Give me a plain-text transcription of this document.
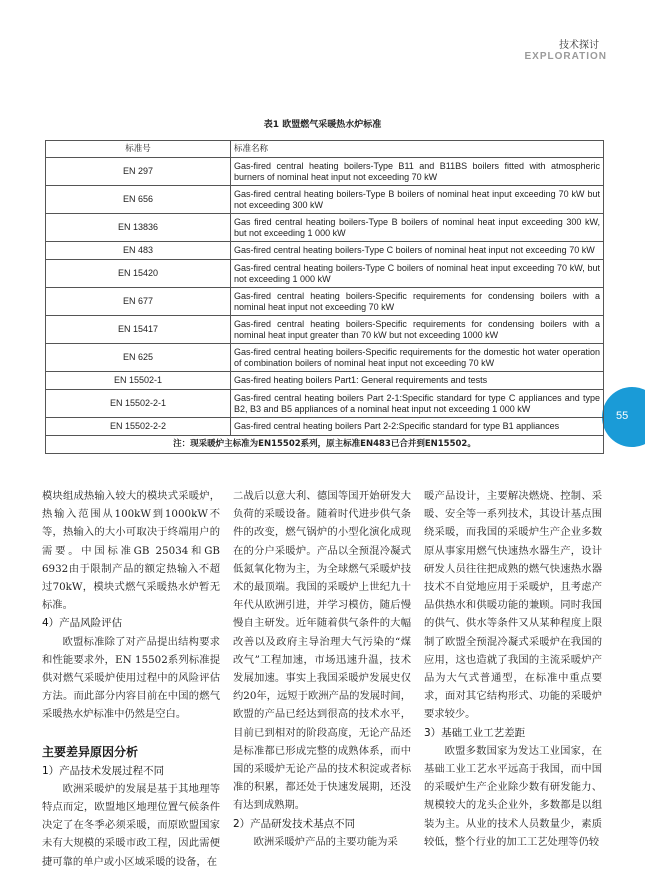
技术探讨
EXPLORATION
55
表1 欧盟燃气采暖热水炉标准
标准号	标准名称
EN 297	Gas-fired central heating boilers-Type B11 and B11BS boilers fitted with atmospheric burners of nominal heat input not exceeding 70 kW
EN 656	Gas-fired central heating boilers-Type B boilers of nominal heat input exceeding 70 kW but not exceeding 300 kW
EN 13836	Gas fired central heating boilers-Type B boilers of nominal heat input exceeding 300 kW, but not exceeding 1 000 kW
EN 483	Gas-fired central heating boilers-Type C boilers of nominal heat input not exceeding 70 kW
EN 15420	Gas-fired central heating boilers-Type C boilers of nominal heat input exceeding 70 kW, but not exceeding 1 000 kW
EN 677	Gas-fired central heating boilers-Specific requirements for condensing boilers with a nominal heat input not exceeding 70 kW
EN 15417	Gas-fired central heating boilers-Specific requirements for condensing boilers with a nominal heat input greater than 70 kW but not exceeding 1000 kW
EN 625	Gas-fired central heating boilers-Specific requirements for the domestic hot water operation of combination boilers of nominal heat input not exceeding 70 kW
EN 15502-1	Gas-fired heating boilers Part1: General requirements and tests
EN 15502-2-1	Gas-fired central heating boilers Part 2-1:Specific standard for type C appliances and type B2, B3 and B5 appliances of a nominal heat input not exceeding 1 000 kW
EN 15502-2-2	Gas-fired central heating boilers Part 2-2:Specific standard for type B1 appliances
注：现采暖炉主标准为EN15502系列，原主标准EN483已合并到EN15502。	

模块组成热输入较大的模块式采暖炉，热输入范围从100kW到1000kW不等，热输入的大小可取决于终端用户的需要。中国标准GB 25034和GB 6932由于限制产品的额定热输入不超过70kW，模块式燃气采暖热水炉暂无标准。

4）产品风险评估

欧盟标准除了对产品提出结构要求和性能要求外，EN 15502系列标准提供对燃气采暖炉使用过程中的风险评估方法。而此部分内容目前在中国的燃气采暖热水炉标准中仍然是空白。

主要差异原因分析

1）产品技术发展过程不同

欧洲采暖炉的发展是基于其地理等特点而定，欧盟地区地理位置气候条件决定了在冬季必须采暖，而原欧盟国家未有大规模的采暖市政工程，因此需便捷可靠的单户或小区域采暖的设备，在

二战后以意大利、德国等国开始研发大负荷的采暖设备。随着时代进步供气条件的改变，燃气锅炉的小型化演化成现在的分户采暖炉。产品以全预混冷凝式低氮氧化物为主，为全球燃气采暖炉技术的最顶端。我国的采暖炉上世纪九十年代从欧洲引进，并学习模仿，随后慢慢自主研发。近年随着供气条件的大幅改善以及政府主导治理大气污染的“煤改气”工程加速，市场迅速升温，技术发展加速。事实上我国采暖炉发展史仅约20年，远短于欧洲产品的发展时间，欧盟的产品已经达到很高的技术水平，目前已到相对的阶段高度，无论产品还是标准都已形成完整的成熟体系，而中国的采暖炉无论产品的技术积淀或者标准的积累，都还处于快速发展期，还没有达到成熟期。

2）产品研发技术基点不同

欧洲采暖炉产品的主要功能为采

暖产品设计，主要解决燃烧、控制、采暖、安全等一系列技术，其设计基点围绕采暖，而我国的采暖炉生产企业多数原从事家用燃气快速热水器生产，设计研发人员往往把成熟的燃气快速热水器技术不自觉地应用于采暖炉，且考虑产品供热水和供暖功能的兼顾。同时我国的供气、供水等条件又从某种程度上限制了欧盟全预混冷凝式采暖炉在我国的应用，这也造就了我国的主流采暖炉产品为大气式普通型，在标准中重点要求，面对其它结构形式、功能的采暖炉要求较少。

3）基础工业工艺差距

欧盟多数国家为发达工业国家，在基础工业工艺水平远高于我国，而中国的采暖炉生产企业除少数有研发能力、规模较大的龙头企业外，多数都是以组装为主。从业的技术人员数量少，素质较低，整个行业的加工工艺处理等仍较
